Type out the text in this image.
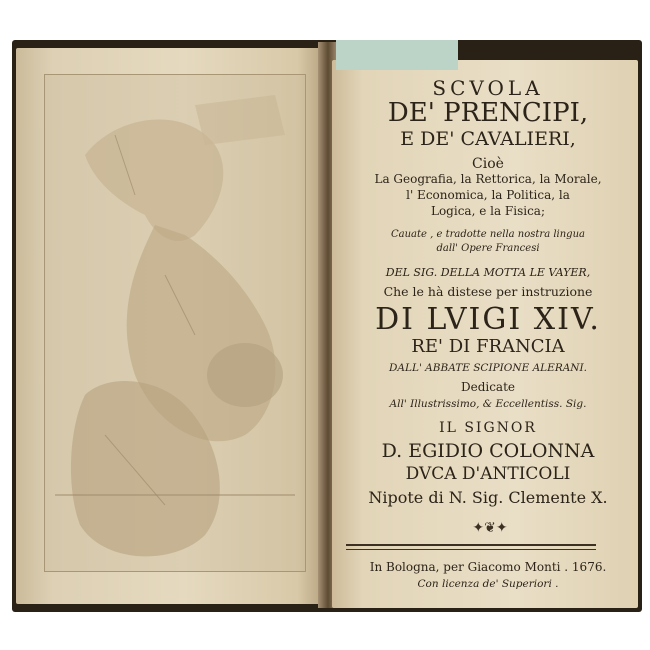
SCVOLA

DE' PRENCIPI,

E DE' CAVALIERI,

Cioè

La Geografia, la Rettorica, la Morale,

l' Economica, la Politica, la

Logica, e la Fisica;

Cauate , e tradotte nella nostra lingua

dall' Opere Francesi

DEL SIG. DELLA MOTTA LE VAYER,

Che le hà distese per instruzione

DI LVIGI XIV.

RE' DI FRANCIA

DALL' ABBATE SCIPIONE ALERANI.

Dedicate

All' Illustrissimo, & Eccellentiss. Sig.

IL SIGNOR

D. EGIDIO COLONNA

DVCA D'ANTICOLI

Nipote di N. Sig. Clemente X.

✦❦✦

In Bologna, per Giacomo Monti . 1676.

Con licenza de' Superiori .
